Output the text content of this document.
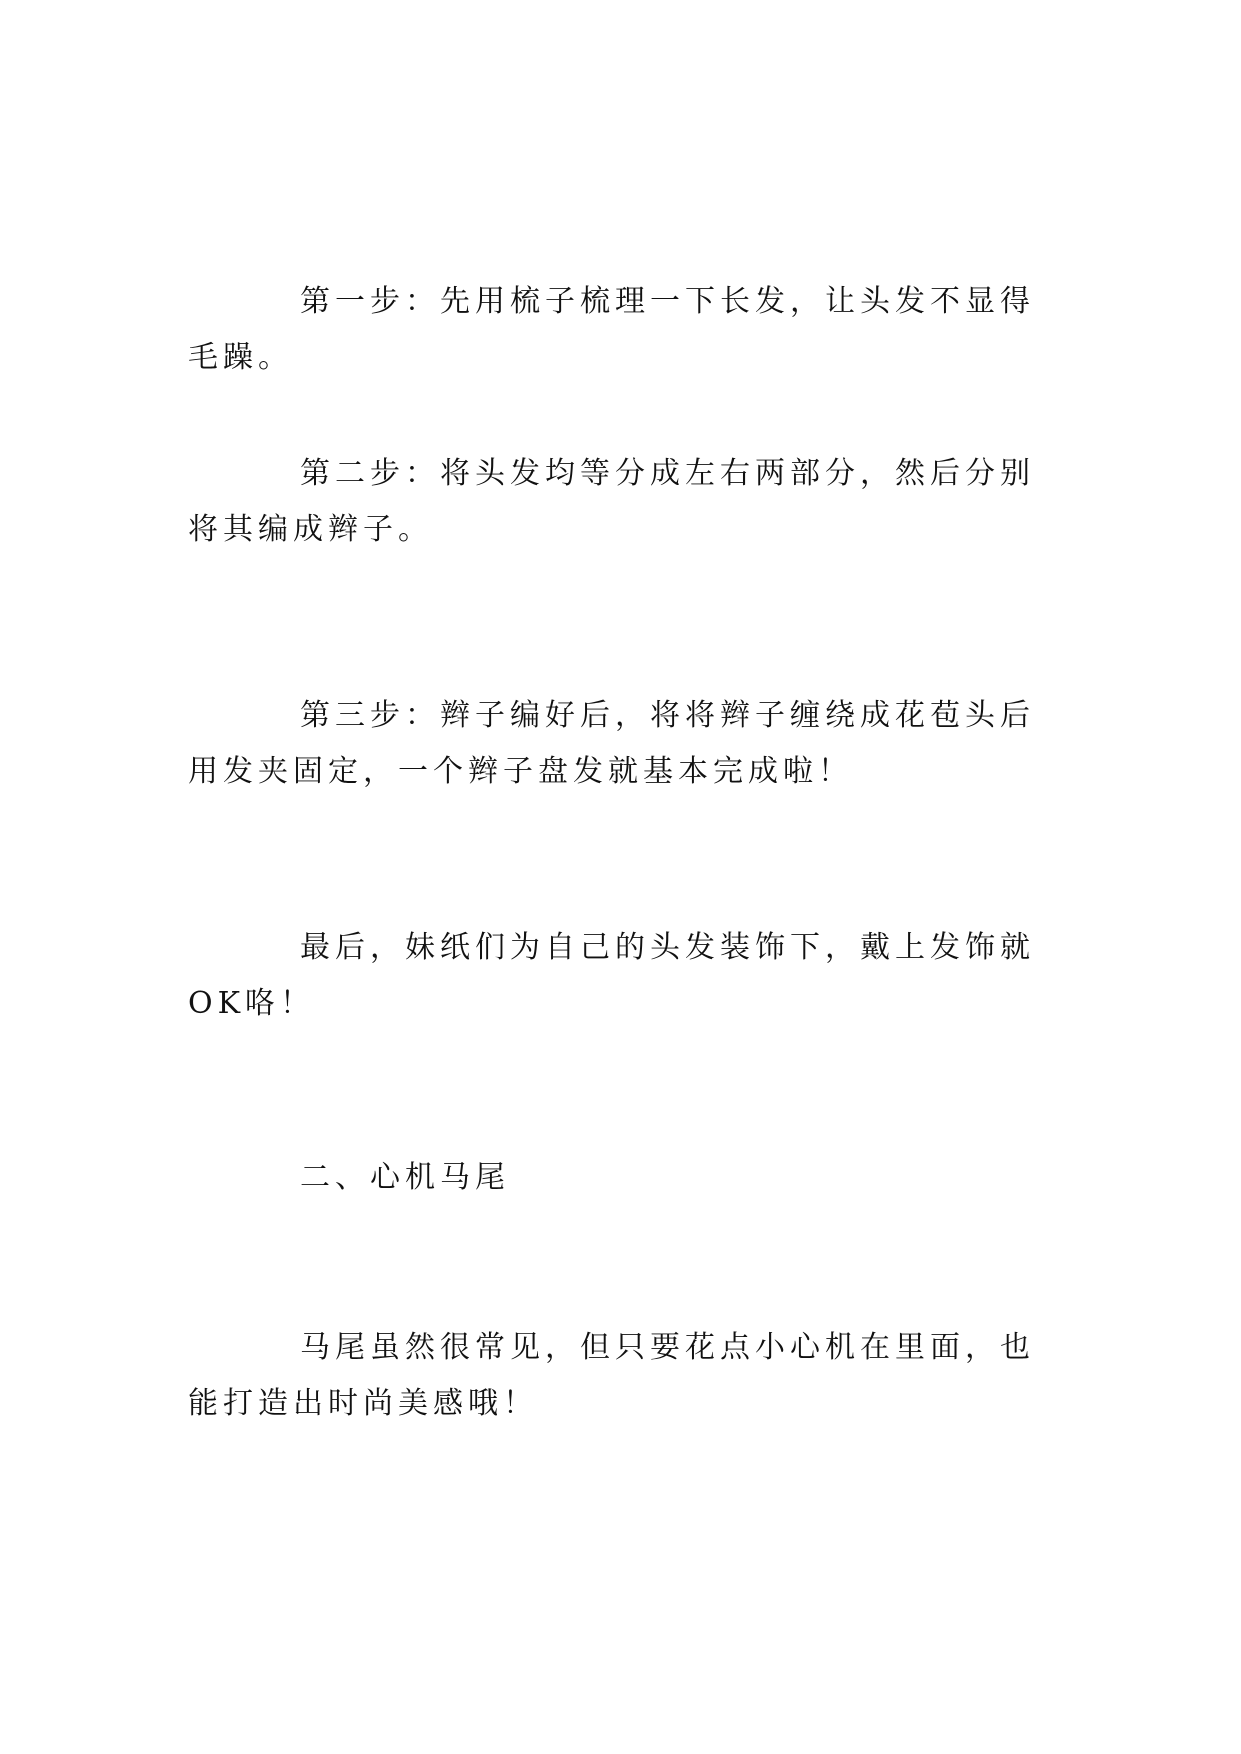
第一步：先用梳子梳理一下长发，让头发不显得毛躁。

第二步：将头发均等分成左右两部分，然后分别将其编成辫子。

第三步：辫子编好后，将将辫子缠绕成花苞头后用发夹固定，一个辫子盘发就基本完成啦！

最后，妹纸们为自己的头发装饰下，戴上发饰就OK咯！

二、心机马尾

马尾虽然很常见，但只要花点小心机在里面，也能打造出时尚美感哦！
